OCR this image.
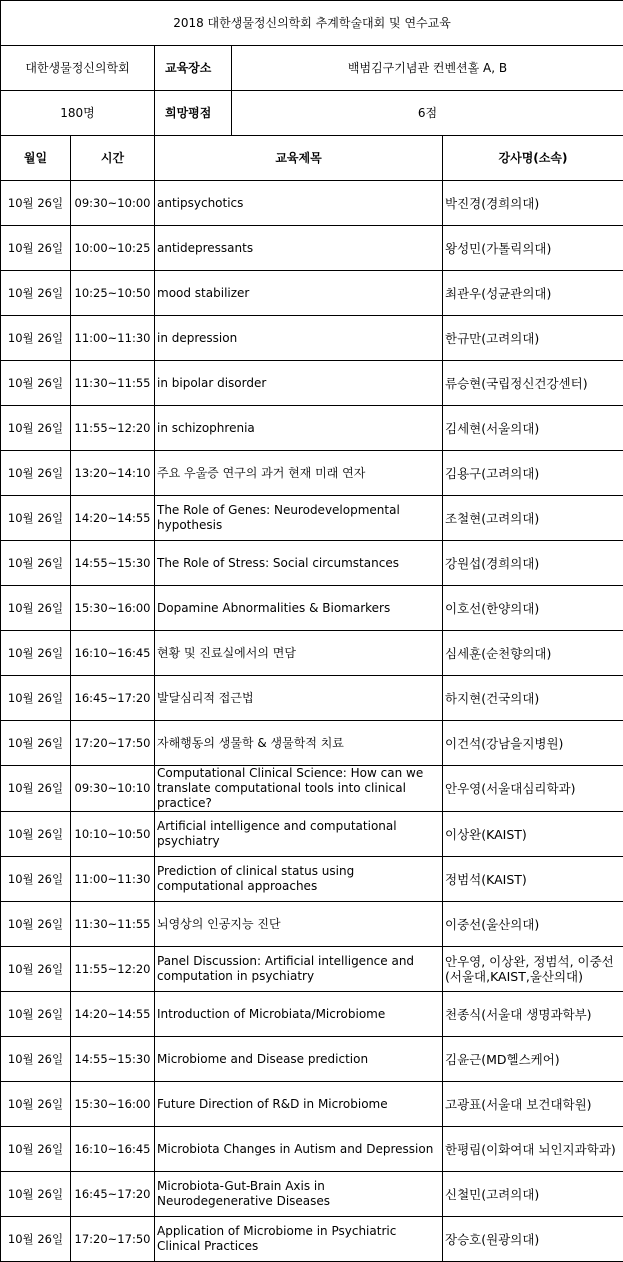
2018 대한생물정신의학회 추계학술대회 및 연수교육			
대한생물정신의학회		교육장소 백범김구기념관 컨벤션홀 A, B	

180명		희망평점 6점	

월일	시간	교육제목	강사명(소속)
10월 26일	09:30~10:00	antipsychotics	박진경(경희의대)
10월 26일	10:00~10:25	antidepressants	왕성민(가톨릭의대)
10월 26일	10:25~10:50	mood stabilizer	최관우(성균관의대)
10월 26일	11:00~11:30	in depression	한규만(고려의대)
10월 26일	11:30~11:55	in bipolar disorder	류승현(국립정신건강센터)
10월 26일	11:55~12:20	in schizophrenia	김세현(서울의대)
10월 26일	13:20~14:10	주요 우울증 연구의 과거 현재 미래 연자	김용구(고려의대)
10월 26일	14:20~14:55	The Role of Genes: Neurodevelopmental hypothesis	조철현(고려의대)
10월 26일	14:55~15:30	The Role of Stress: Social circumstances	강원섭(경희의대)
10월 26일	15:30~16:00	Dopamine Abnormalities & Biomarkers	이호선(한양의대)
10월 26일	16:10~16:45	현황 및 진료실에서의 면담	심세훈(순천향의대)
10월 26일	16:45~17:20	발달심리적 접근법	하지현(건국의대)
10월 26일	17:20~17:50	자해행동의 생물학 & 생물학적 치료	이건석(강남을지병원)
10월 26일	09:30~10:10	Computational Clinical Science: How can we translate computational tools into clinical practice?	안우영(서울대심리학과)
10월 26일	10:10~10:50	Artificial intelligence and computational psychiatry	이상완(KAIST)
10월 26일	11:00~11:30	Prediction of clinical status using computational approaches	정범석(KAIST)
10월 26일	11:30~11:55	뇌영상의 인공지능 진단	이중선(울산의대)
10월 26일	11:55~12:20	Panel Discussion: Artificial intelligence and computation in psychiatry	안우영, 이상완, 정범석, 이중선(서울대,KAIST,울산의대)
10월 26일	14:20~14:55	Introduction of Microbiata/Microbiome	천종식(서울대 생명과학부)
10월 26일	14:55~15:30	Microbiome and Disease prediction	김윤근(MD헬스케어)
10월 26일	15:30~16:00	Future Direction of R&D in Microbiome	고광표(서울대 보건대학원)
10월 26일	16:10~16:45	Microbiota Changes in Autism and Depression	한평림(이화여대 뇌인지과학과)
10월 26일	16:45~17:20	Microbiota-Gut-Brain Axis in Neurodegenerative Diseases	신철민(고려의대)
10월 26일	17:20~17:50	Application of Microbiome in Psychiatric Clinical Practices	장승호(원광의대)
